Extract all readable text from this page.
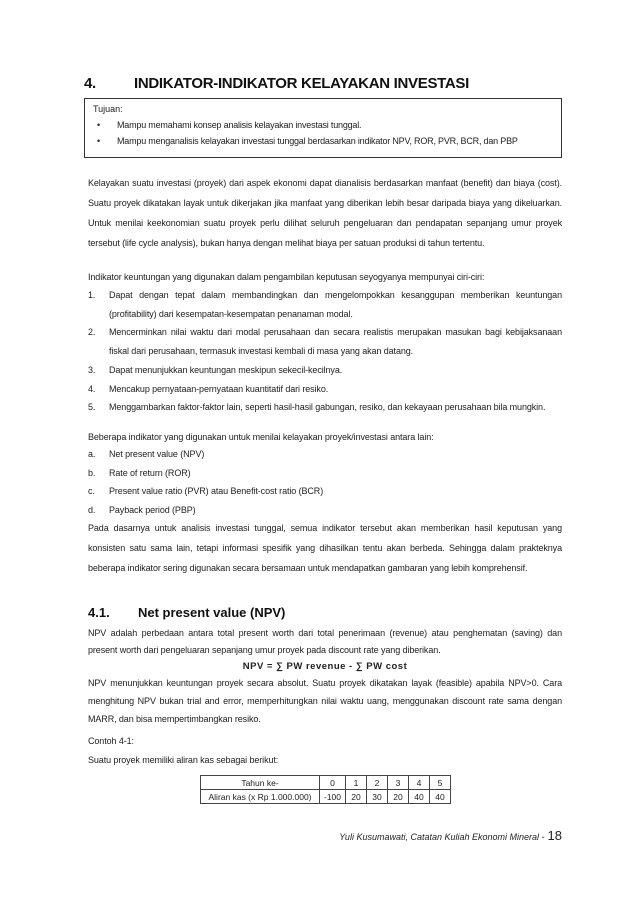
4.	INDIKATOR-INDIKATOR KELAYAKAN INVESTASI
Tujuan:
• Mampu memahami konsep analisis kelayakan investasi tunggal.
• Mampu menganalisis kelayakan investasi tunggal berdasarkan indikator NPV, ROR, PVR, BCR, dan PBP

Kelayakan suatu investasi (proyek) dari aspek ekonomi dapat dianalisis berdasarkan manfaat (benefit) dan biaya (cost). Suatu proyek dikatakan layak untuk dikerjakan jika manfaat yang diberikan lebih besar daripada biaya yang dikeluarkan. Untuk menilai keekonomian suatu proyek perlu dilihat seluruh pengeluaran dan pendapatan sepanjang umur proyek tersebut (life cycle analysis), bukan hanya dengan melihat biaya per satuan produksi di tahun tertentu.

Indikator keuntungan yang digunakan dalam pengambilan keputusan seyogyanya mempunyai ciri-ciri:

1. Dapat dengan tepat dalam membandingkan dan mengelompokkan kesanggupan memberikan keuntungan (profitability) dari kesempatan-kesempatan penanaman modal.
2. Mencerminkan nilai waktu dari modal perusahaan dan secara realistis merupakan masukan bagi kebijaksanaan fiskal dari perusahaan, termasuk investasi kembali di masa yang akan datang.
3. Dapat menunjukkan keuntungan meskipun sekecil-kecilnya.
4. Mencakup pernyataan-pernyataan kuantitatif dari resiko.
5. Menggambarkan faktor-faktor lain, seperti hasil-hasil gabungan, resiko, dan kekayaan perusahaan bila mungkin.

Beberapa indikator yang digunakan untuk menilai kelayakan proyek/investasi antara lain:

a. Net present value (NPV)
b. Rate of return (ROR)
c. Present value ratio (PVR) atau Benefit-cost ratio (BCR)
d. Payback period (PBP)

Pada dasarnya untuk analisis investasi tunggal, semua indikator tersebut akan memberikan hasil keputusan yang konsisten satu sama lain, tetapi informasi spesifik yang dihasilkan tentu akan berbeda. Sehingga dalam prakteknya beberapa indikator sering digunakan secara bersamaan untuk mendapatkan gambaran yang lebih komprehensif.

4.1. Net present value (NPV)

NPV adalah perbedaan antara total present worth dari total penerimaan (revenue) atau penghematan (saving) dan present worth dari pengeluaran sepanjang umur proyek pada discount rate yang diberikan.

NPV = ∑ PW revenue - ∑ PW cost

NPV menunjukkan keuntungan proyek secara absolut. Suatu proyek dikatakan layak (feasible) apabila NPV>0. Cara menghitung NPV bukan trial and error, memperhitungkan nilai waktu uang, menggunakan discount rate sama dengan MARR, dan bisa mempertimbangkan resiko.

Contoh 4-1:

Suatu proyek memiliki aliran kas sebagai berikut:

Tahun ke-	0	1	2	3	4	5
Aliran kas (x Rp 1.000.000)	-100	20	30	20	40	40
Yuli Kusumawati, Catatan Kuliah Ekonomi Mineral - 18
